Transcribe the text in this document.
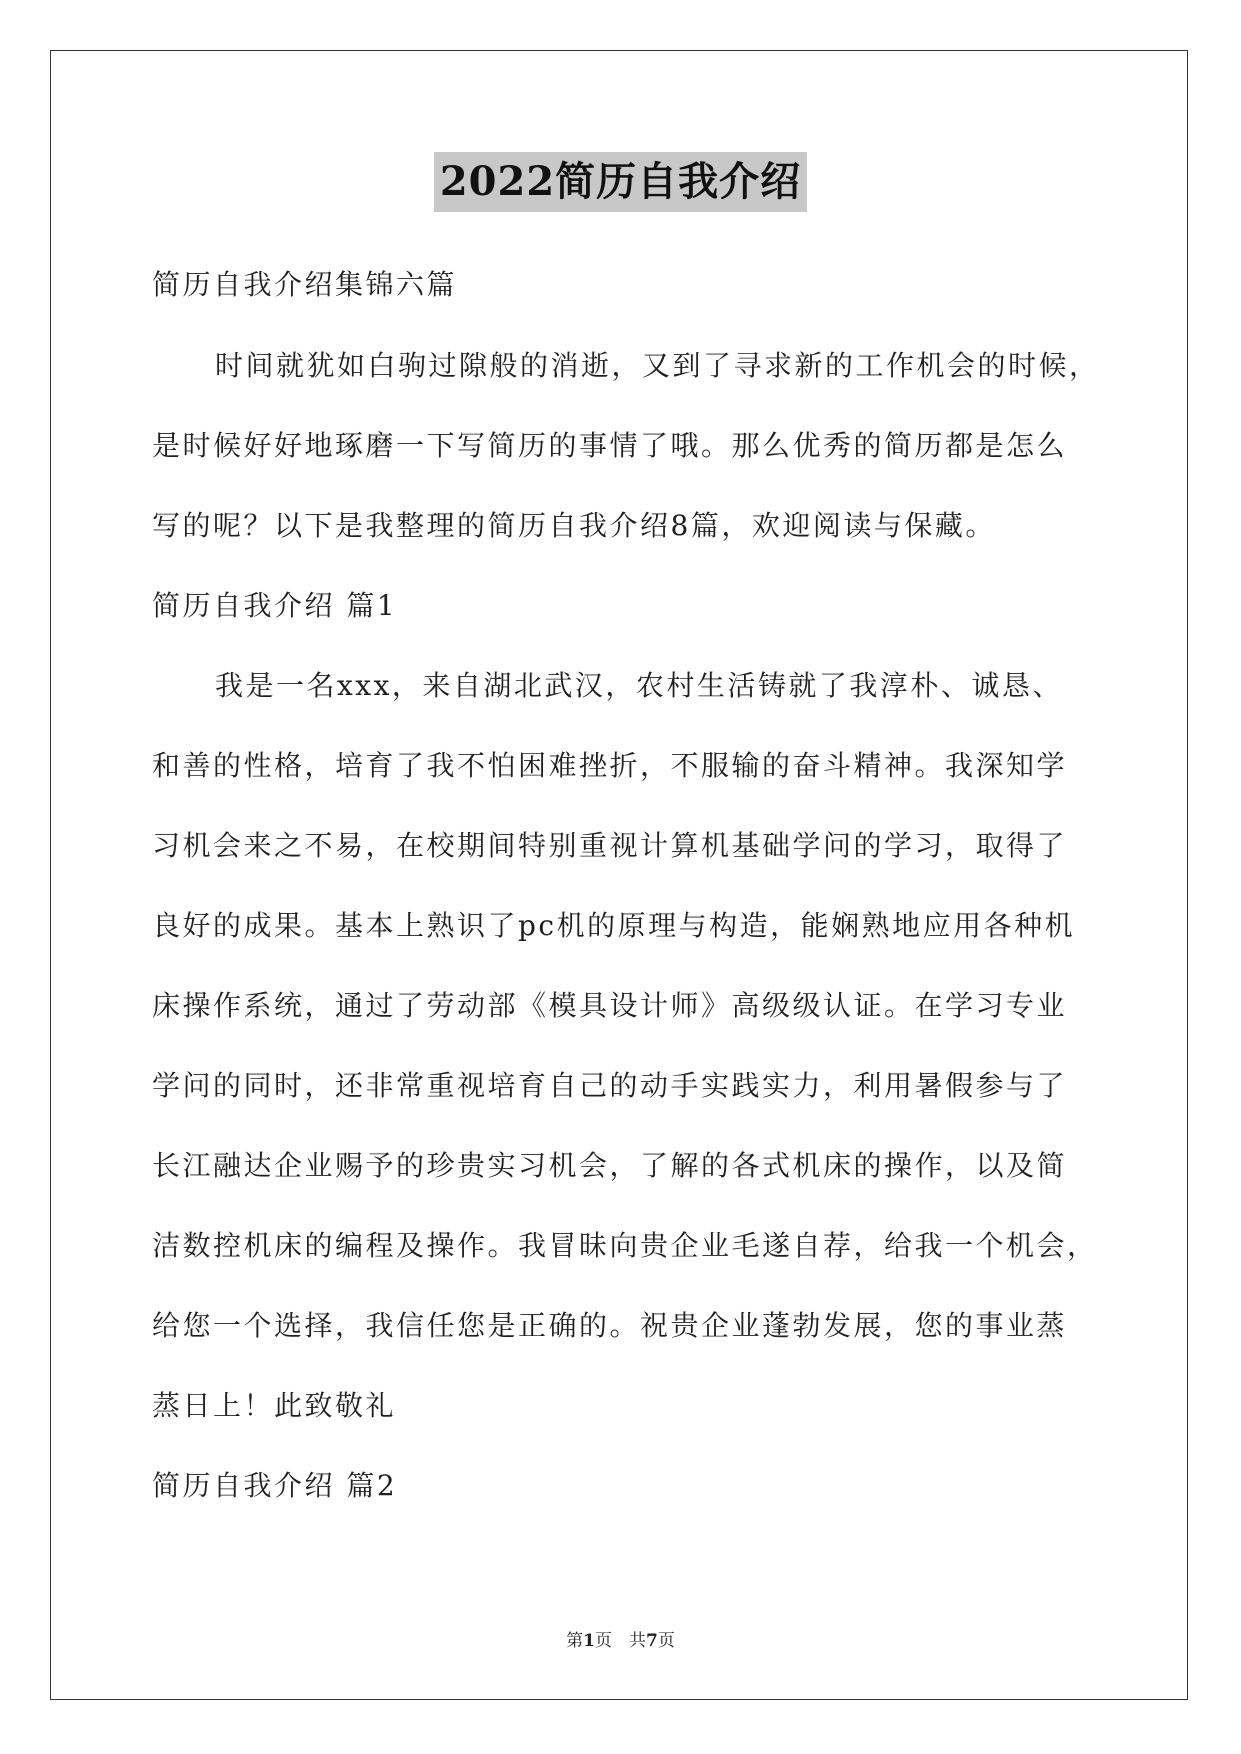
2022简历自我介绍
简历自我介绍集锦六篇
时间就犹如白驹过隙般的消逝，又到了寻求新的工作机会的时候，
是时候好好地琢磨一下写简历的事情了哦。那么优秀的简历都是怎么
写的呢？以下是我整理的简历自我介绍8篇，欢迎阅读与保藏。
简历自我介绍 篇1
我是一名xxx，来自湖北武汉，农村生活铸就了我淳朴、诚恳、
和善的性格，培育了我不怕困难挫折，不服输的奋斗精神。我深知学
习机会来之不易，在校期间特别重视计算机基础学问的学习，取得了
良好的成果。基本上熟识了pc机的原理与构造，能娴熟地应用各种机
床操作系统，通过了劳动部《模具设计师》高级级认证。在学习专业
学问的同时，还非常重视培育自己的动手实践实力，利用暑假参与了
长江融达企业赐予的珍贵实习机会，了解的各式机床的操作，以及简
洁数控机床的编程及操作。我冒昧向贵企业毛遂自荐，给我一个机会，
给您一个选择，我信任您是正确的。祝贵企业蓬勃发展，您的事业蒸
蒸日上！此致敬礼
简历自我介绍 篇2
第1页　共7页
